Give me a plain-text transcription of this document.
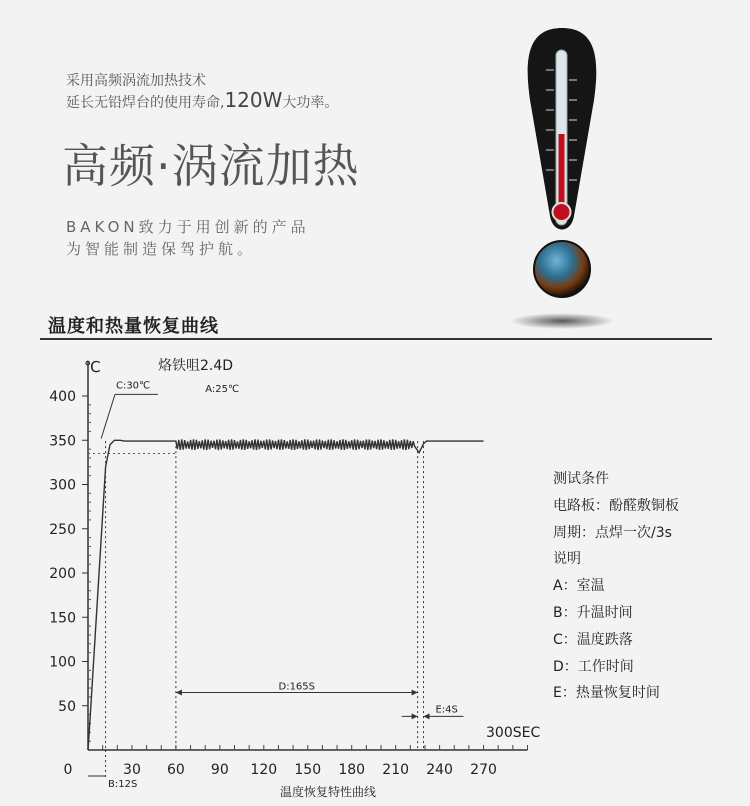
采用高频涡流加热技术
延长无铅焊台的使用寿命,120W大功率。
高频·涡流加热
BAKON致力于用创新的产品
为智能制造保驾护航。
温度和热量恢复曲线
烙铁咀2.4D
℃
300SEC
温度恢复特性曲线
50
100
150
200
250
300
350
400
0	30 60 90 120 150 180 210 240 270
A:25℃
C:30℃
B:12S
D:165S
E:4S
测试条件
电路板：酚醛敷铜板
周期：点焊一次/3s
说明
A：室温
B：升温时间
C：温度跌落
D：工作时间
E：热量恢复时间
